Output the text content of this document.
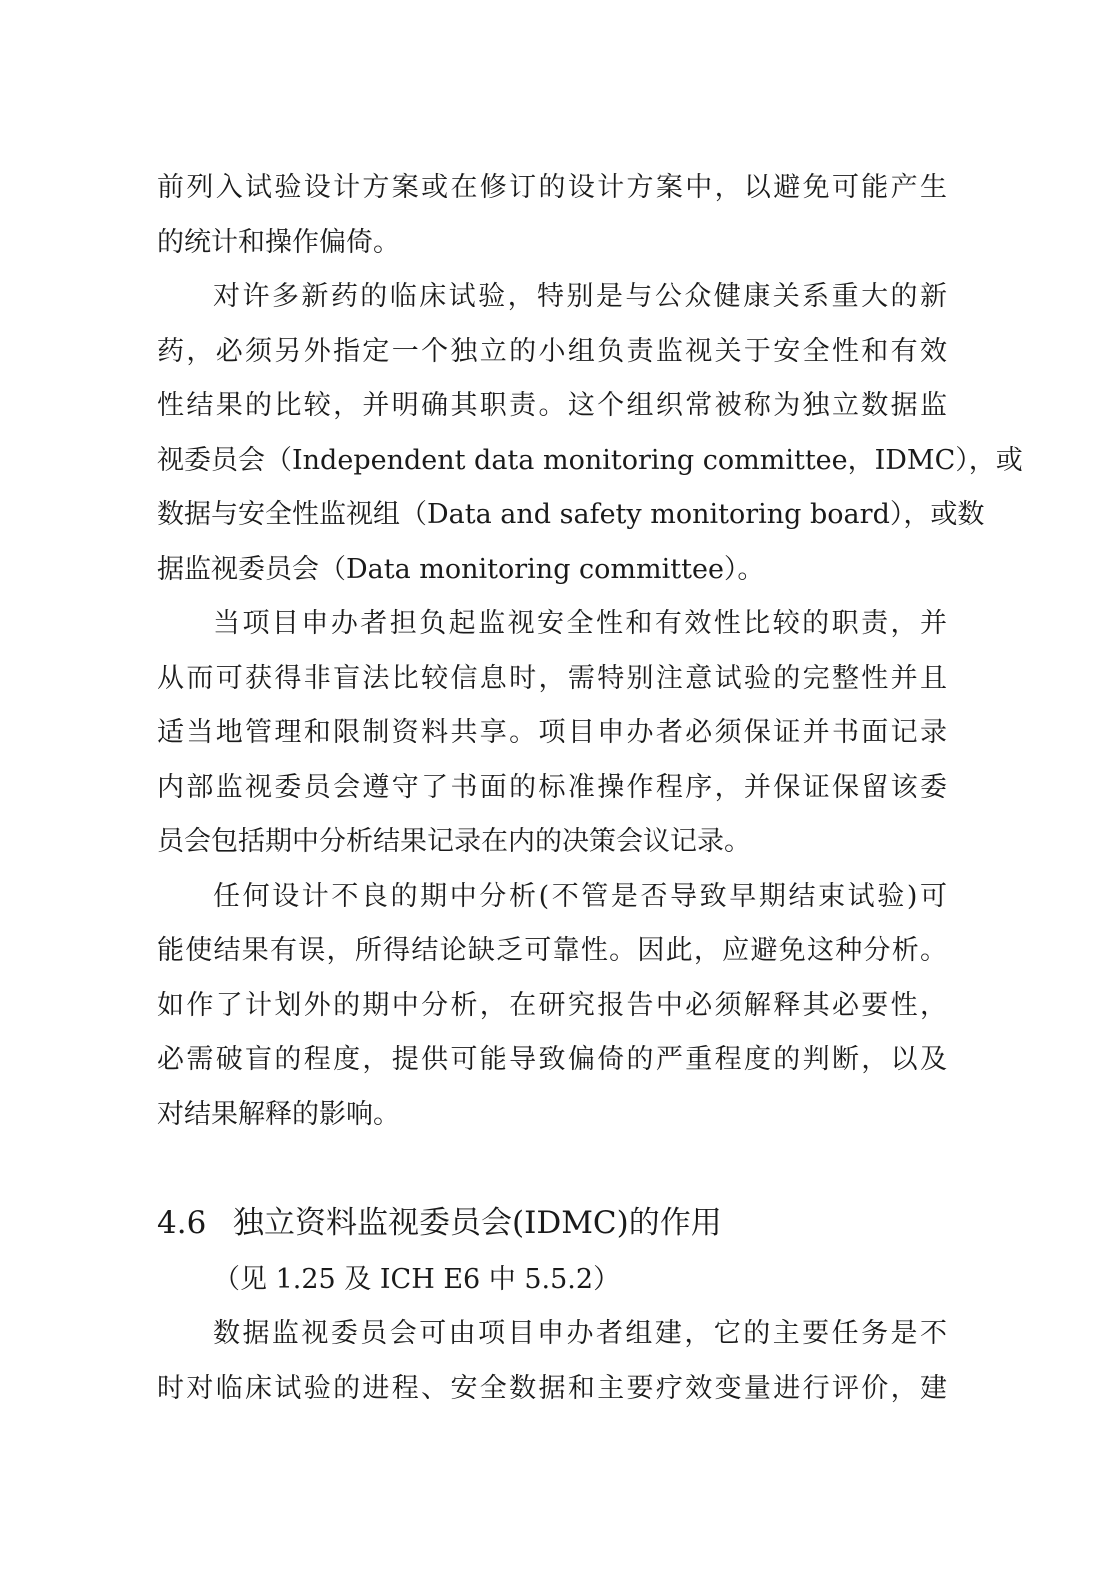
前列入试验设计方案或在修订的设计方案中，以避免可能产生
的统计和操作偏倚。
对许多新药的临床试验，特别是与公众健康关系重大的新
药，必须另外指定一个独立的小组负责监视关于安全性和有效
性结果的比较，并明确其职责。这个组织常被称为独立数据监
视委员会（Independent data monitoring committee，IDMC），或
数据与安全性监视组（Data and safety monitoring board），或数
据监视委员会（Data monitoring committee）。
当项目申办者担负起监视安全性和有效性比较的职责，并
从而可获得非盲法比较信息时，需特别注意试验的完整性并且
适当地管理和限制资料共享。项目申办者必须保证并书面记录
内部监视委员会遵守了书面的标准操作程序，并保证保留该委
员会包括期中分析结果记录在内的决策会议记录。
任何设计不良的期中分析(不管是否导致早期结束试验)可
能使结果有误，所得结论缺乏可靠性。因此，应避免这种分析。
如作了计划外的期中分析，在研究报告中必须解释其必要性，
必需破盲的程度，提供可能导致偏倚的严重程度的判断，以及
对结果解释的影响。
4.6 独立资料监视委员会(IDMC)的作用
（见 1.25 及 ICH E6 中 5.5.2）
数据监视委员会可由项目申办者组建，它的主要任务是不
时对临床试验的进程、安全数据和主要疗效变量进行评价，建
